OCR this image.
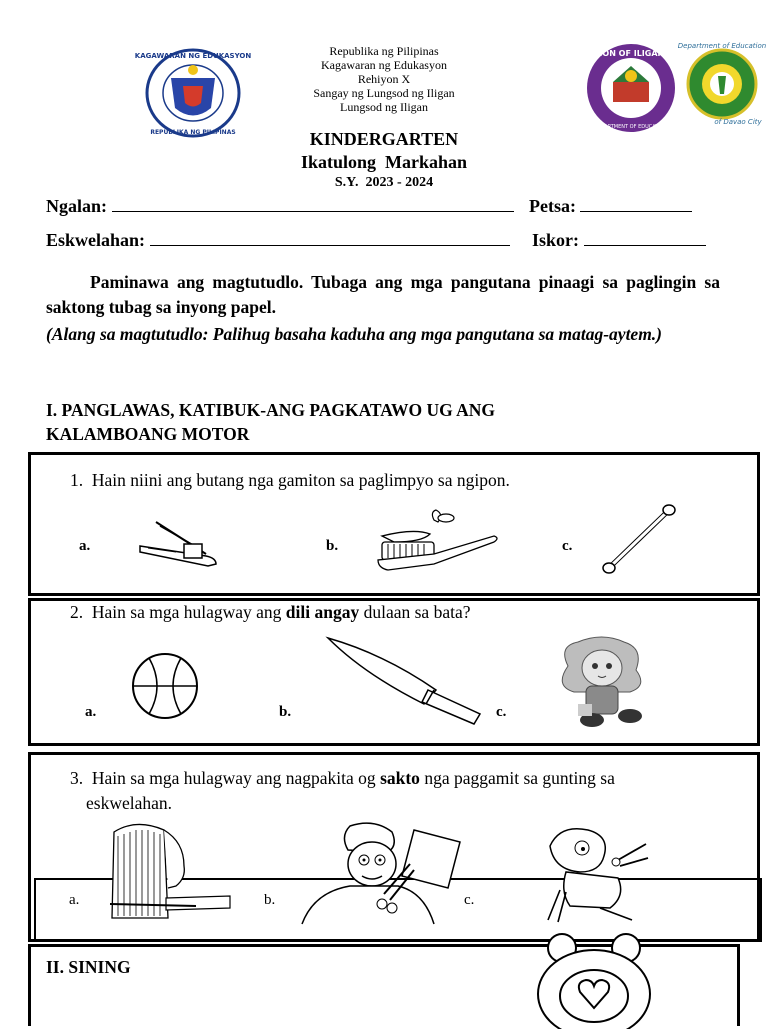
KAGAWARAN NG EDUKASYON
REPUBLIKA NG PILIPINAS
Republika ng Pilipinas
Kagawaran ng Edukasyon
Rehiyon X
Sangay ng Lungsod ng Iligan
Lungsod ng Iligan
DIVISION OF ILIGAN CITY
DEPARTMENT OF EDUCATION
Department of Education
of Davao City
KINDERGARTEN
Ikatulong  Markahan
S.Y.  2023 - 2024
Ngalan:	Petsa:
Eskwelahan:	Iskor:
Paminawa ang magtutudlo. Tubaga ang mga pangutana pinaagi sa paglingin sa saktong tubag sa inyong papel.
(Alang sa magtutudlo: Palihug basaha kaduha ang mga pangutana sa matag-aytem.)
I. PANGLAWAS, KATIBUK-ANG PAGKATAWO UG ANG KALAMBOANG MOTOR
1. Hain niini ang butang nga gamiton sa paglimpyo sa ngipon.
a.	b.	c.
2. Hain sa mga hulagway ang dili angay dulaan sa bata?
a.	b.	c.
3. Hain sa mga hulagway ang nagpakita og sakto nga paggamit sa gunting sa
eskwelahan.
a.	b.	c.
II. SINING
